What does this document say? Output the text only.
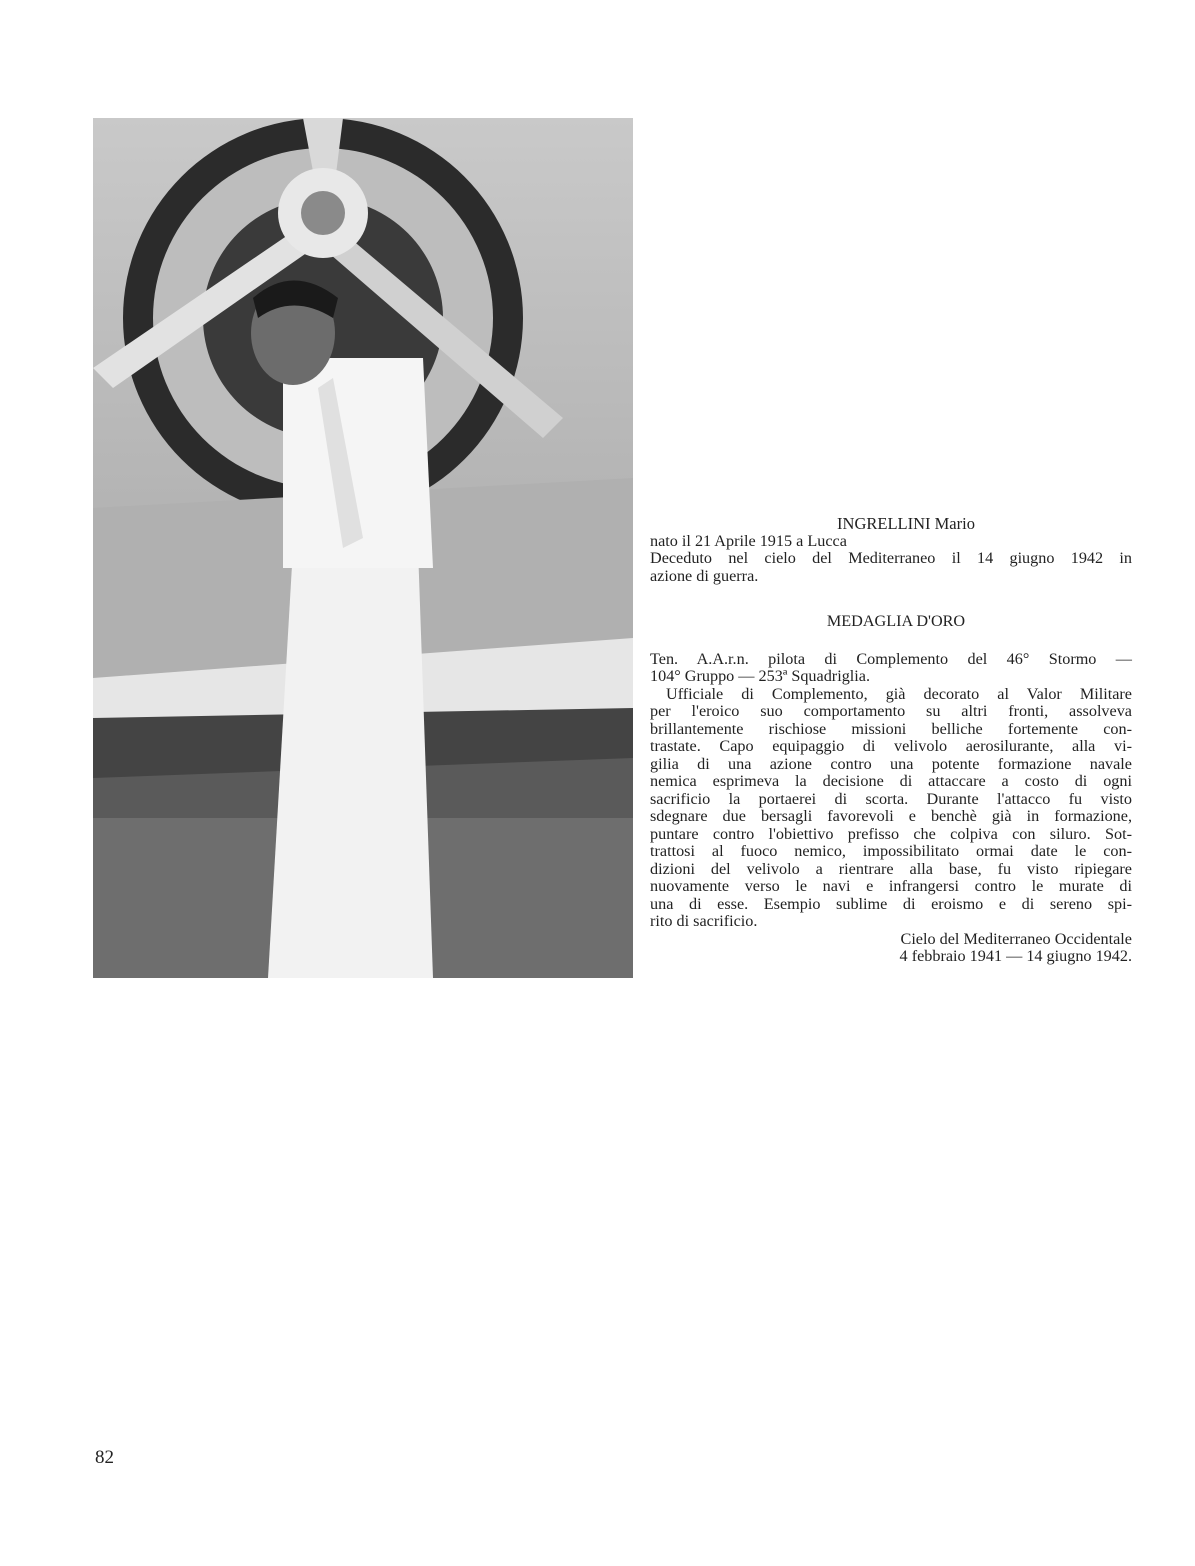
INGRELLINI Mario

nato il 21 Aprile 1915 a Lucca

Deceduto nel cielo del Mediterraneo il 14 giugno 1942 in

azione di guerra.

MEDAGLIA D'ORO

Ten. A.A.r.n. pilota di Complemento del 46° Stormo —

104° Gruppo — 253ª Squadriglia.

Ufficiale di Complemento, già decorato al Valor Militare

per l'eroico suo comportamento su altri fronti, assolveva

brillantemente rischiose missioni belliche fortemente con-

trastate. Capo equipaggio di velivolo aerosilurante, alla vi-

gilia di una azione contro una potente formazione navale

nemica esprimeva la decisione di attaccare a costo di ogni

sacrificio la portaerei di scorta. Durante l'attacco fu visto

sdegnare due bersagli favorevoli e benchè già in formazione,

puntare contro l'obiettivo prefisso che colpiva con siluro. Sot-

trattosi al fuoco nemico, impossibilitato ormai date le con-

dizioni del velivolo a rientrare alla base, fu visto ripiegare

nuovamente verso le navi e infrangersi contro le murate di

una di esse. Esempio sublime di eroismo e di sereno spi-

rito di sacrificio.

Cielo del Mediterraneo Occidentale

4 febbraio 1941 — 14 giugno 1942.

82
